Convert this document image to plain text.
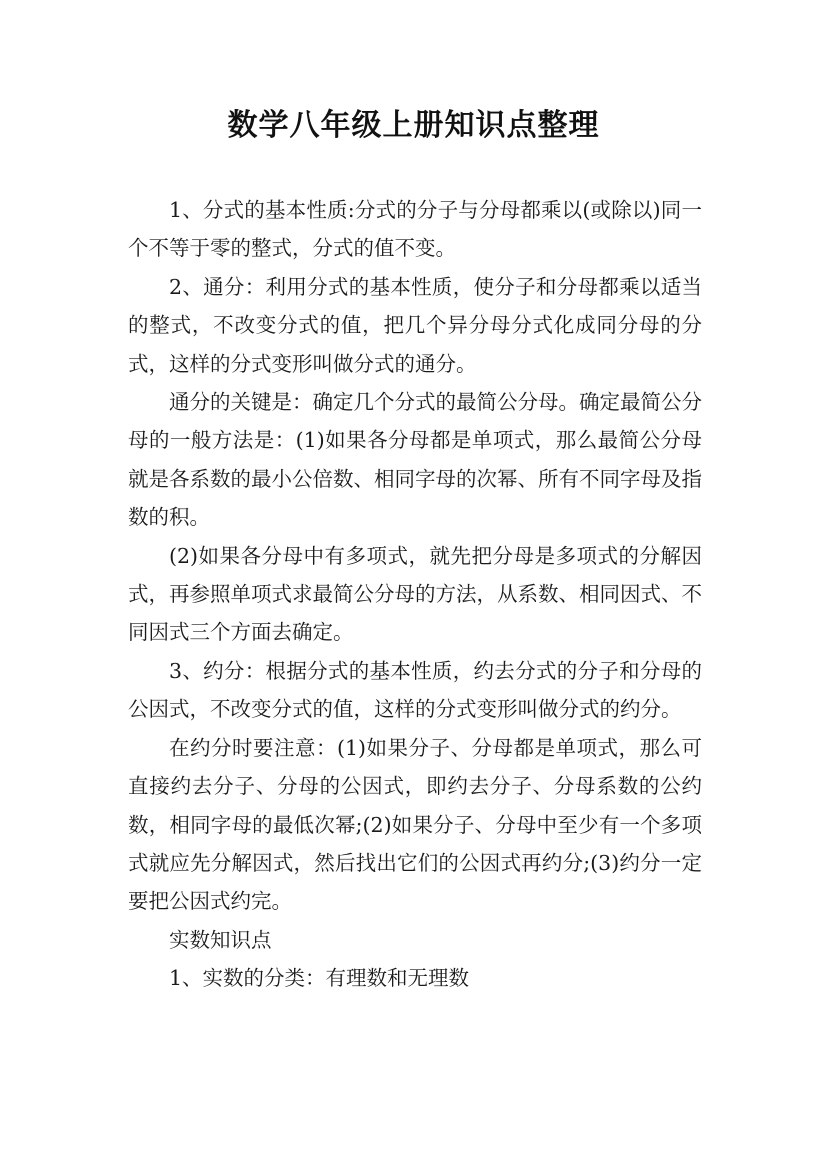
数学八年级上册知识点整理

1、分式的基本性质:分式的分子与分母都乘以(或除以)同一个不等于零的整式，分式的值不变。

2、通分：利用分式的基本性质，使分子和分母都乘以适当的整式，不改变分式的值，把几个异分母分式化成同分母的分式，这样的分式变形叫做分式的通分。

通分的关键是：确定几个分式的最简公分母。确定最简公分母的一般方法是：(1)如果各分母都是单项式，那么最简公分母就是各系数的最小公倍数、相同字母的次幂、所有不同字母及指数的积。

(2)如果各分母中有多项式，就先把分母是多项式的分解因式，再参照单项式求最简公分母的方法，从系数、相同因式、不同因式三个方面去确定。

3、约分：根据分式的基本性质，约去分式的分子和分母的公因式，不改变分式的值，这样的分式变形叫做分式的约分。

在约分时要注意：(1)如果分子、分母都是单项式，那么可直接约去分子、分母的公因式，即约去分子、分母系数的公约数，相同字母的最低次幂;(2)如果分子、分母中至少有一个多项式就应先分解因式，然后找出它们的公因式再约分;(3)约分一定要把公因式约完。

实数知识点

1、实数的分类：有理数和无理数
